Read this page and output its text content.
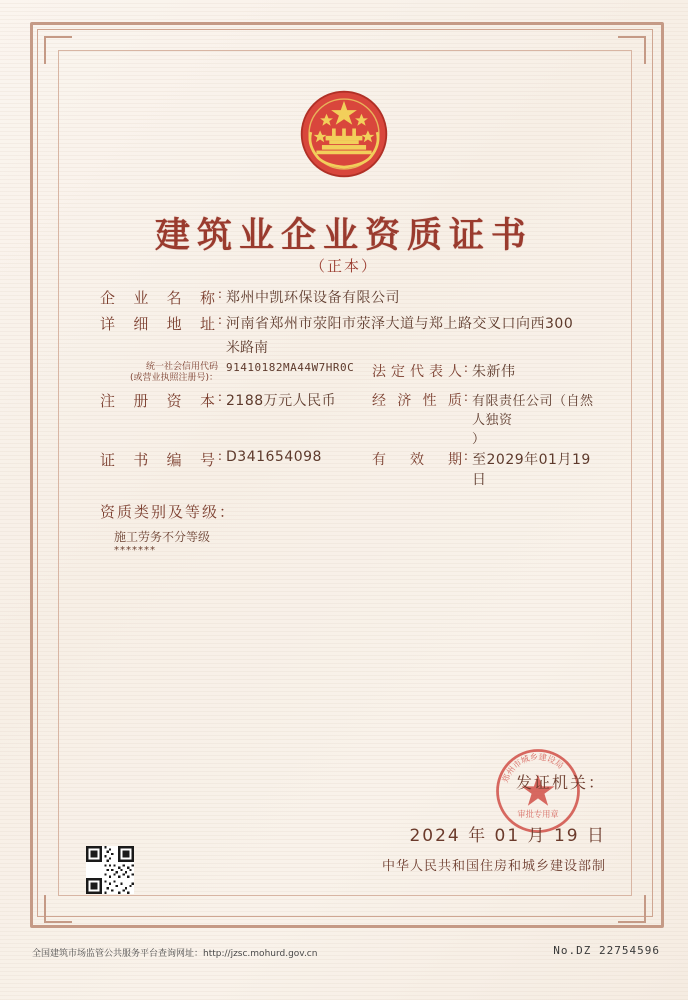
建筑业企业资质证书
（正本）
企业名称 : 郑州中凯环保设备有限公司
详细地址 : 河南省郑州市荥阳市荥泽大道与郑上路交叉口向西300
米路南
统一社会信用代码
(或营业执照注册号)：
91410182MA44W7HR0C	法定代表人 : 朱新伟
注册资本 : 2188万元人民币	经济性质 : 有限责任公司（自然人独资
）
证书编号 : D341654098	有效期 : 至2029年01月19日
资质类别及等级：
施工劳务不分等级
*******
郑州市城乡建设局
审批专用章
发证机关：
2024 年 01 月 19 日
中华人民共和国住房和城乡建设部制
全国建筑市场监管公共服务平台查询网址：http://jzsc.mohurd.gov.cn	No.DZ 22754596
